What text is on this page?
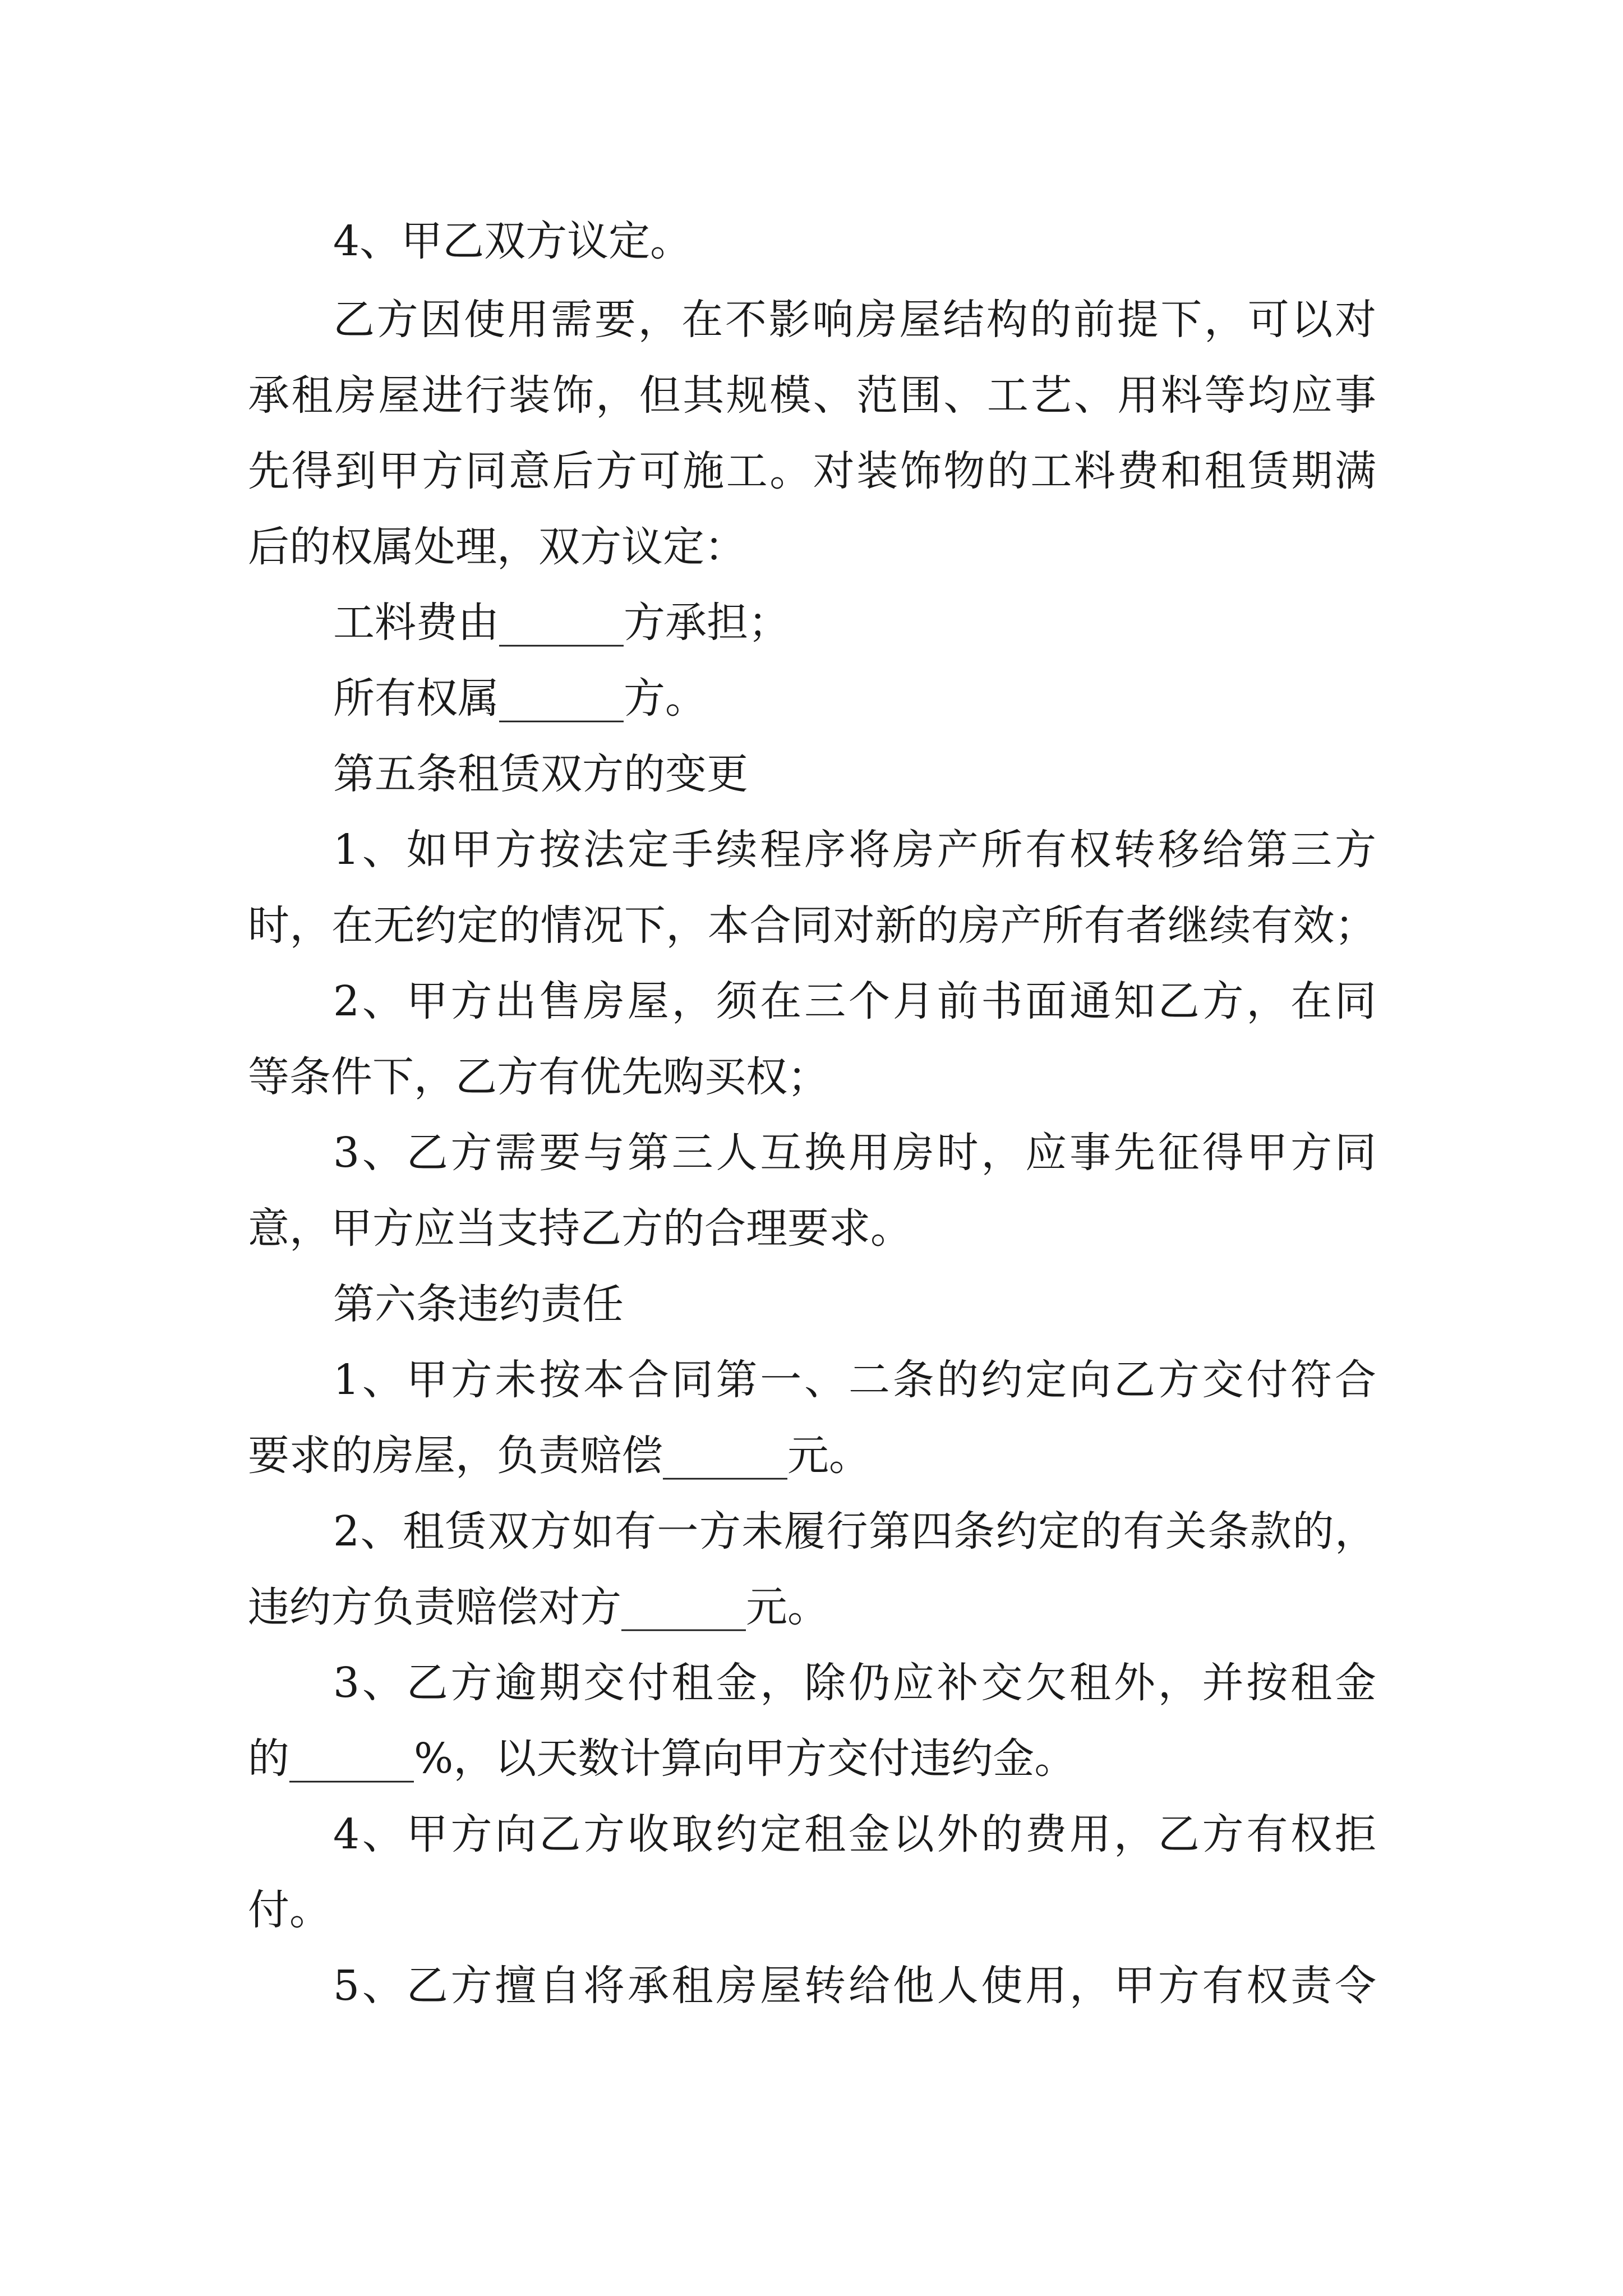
4、甲乙双方议定。

乙方因使用需要，在不影响房屋结构的前提下，可以对

承租房屋进行装饰，但其规模、范围、工艺、用料等均应事

先得到甲方同意后方可施工。对装饰物的工料费和租赁期满

后的权属处理，双方议定：

工料费由______方承担；

所有权属______方。

第五条租赁双方的变更

1、如甲方按法定手续程序将房产所有权转移给第三方

时，在无约定的情况下，本合同对新的房产所有者继续有效；

2、甲方出售房屋，须在三个月前书面通知乙方，在同

等条件下，乙方有优先购买权；

3、乙方需要与第三人互换用房时，应事先征得甲方同

意，甲方应当支持乙方的合理要求。

第六条违约责任

1、甲方未按本合同第一、二条的约定向乙方交付符合

要求的房屋，负责赔偿______元。

2、租赁双方如有一方未履行第四条约定的有关条款的，

违约方负责赔偿对方______元。

3、乙方逾期交付租金，除仍应补交欠租外，并按租金

的______%，以天数计算向甲方交付违约金。

4、甲方向乙方收取约定租金以外的费用，乙方有权拒

付。

5、乙方擅自将承租房屋转给他人使用，甲方有权责令
